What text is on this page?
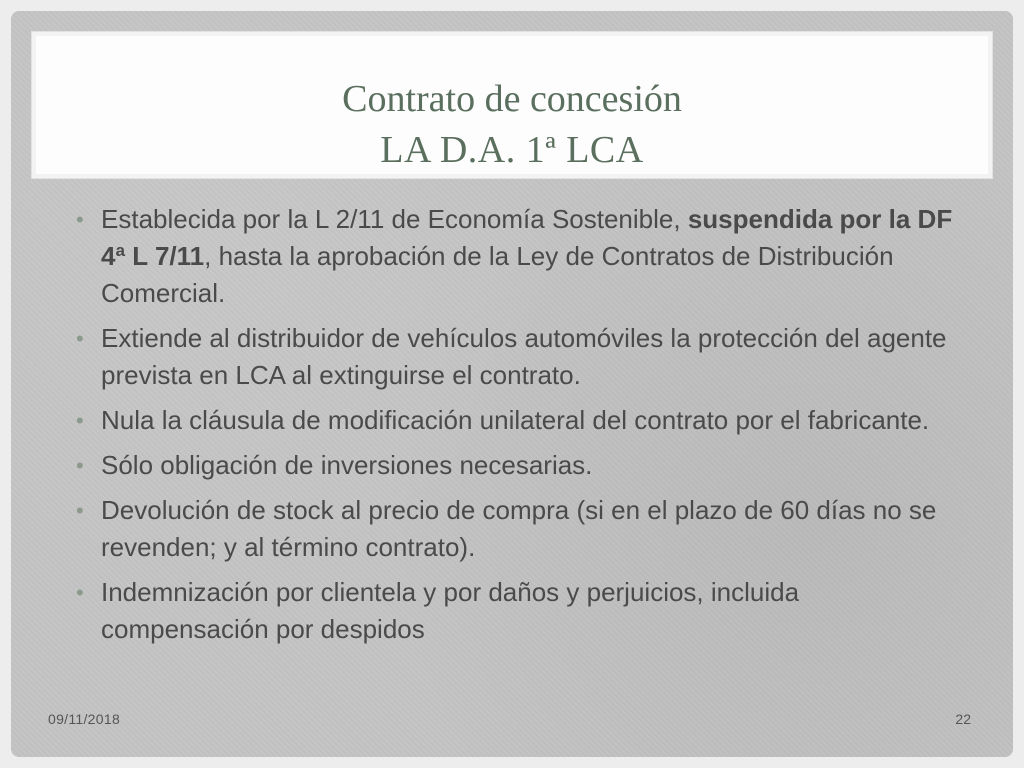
Contrato de concesión
LA D.A. 1ª LCA
• Establecida por la L 2/11 de Economía Sostenible, suspendida por la DF 4ª L 7/11, hasta la aprobación de la Ley de Contratos de Distribución Comercial.
• Extiende al distribuidor de vehículos automóviles la protección del agente prevista en LCA al extinguirse el contrato.
• Nula la cláusula de modificación unilateral del contrato por el fabricante.
• Sólo obligación de inversiones necesarias.
• Devolución de stock al precio de compra (si en el plazo de 60 días no se revenden; y al término contrato).
• Indemnización por clientela y por daños y perjuicios, incluida compensación por despidos
09/11/2018	22
